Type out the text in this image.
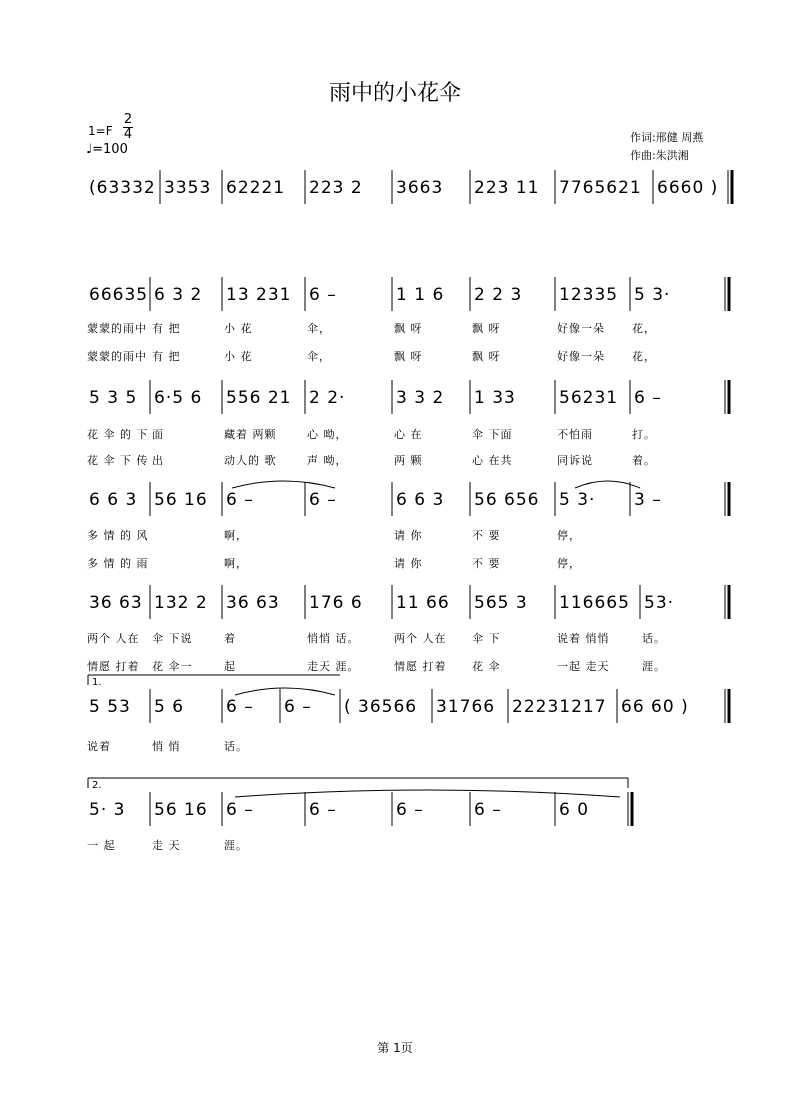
雨中的小花伞
1=F
2
4
♩=100
作词:邢健 周燕
作曲:朱洪湘
(63332 3353 62221 223 2 3663 223 11 7765621 6660 )
66635 6 3 2 13 231 6 –	1 1 6 2 2 3 12335 5 3·
蒙蒙的雨中 有 把	小 花	伞，	飘 呀	飘 呀	好像一朵 花，
蒙蒙的雨中 有 把	小 花	伞，	飘 呀	飘 呀	好像一朵 花，
5 3 5 6·5 6 556 21 2 2·	3 3 2 1 33	56231 6 –
花 伞 的 下 面	藏着 两颗	心 呦，	心 在	伞 下面	不怕雨	打。
花 伞 下 传 出	动人的 歌	声 呦，	两 颗	心 在共	同诉说	着。
6 6 3 56 16 6 –	6 –	6 6 3 56 656 5 3· 3 –
多 情 的 风	啊，	请 你	不 要	停，
多 情 的 雨	啊，	请 你	不 要	停，
36 63 132 2 36 63 176 6 11 66 565 3 116665 53·
两个 人在 伞 下说	着	悄悄 话。	两个 人在 伞 下	说着 悄悄	话。
情愿 打着 花 伞一	起	走天 涯。	情愿 打着 花 伞	一起 走天	涯。
5 53 5 6 6 – 6 – ( 36566 31766 22231217 66 60 )
说着	悄 悄	话。
1.
5· 3 56 16 6 –	6 –	6 –	6 –	6 0
一 起	走 天	涯。
2.
第 1页
